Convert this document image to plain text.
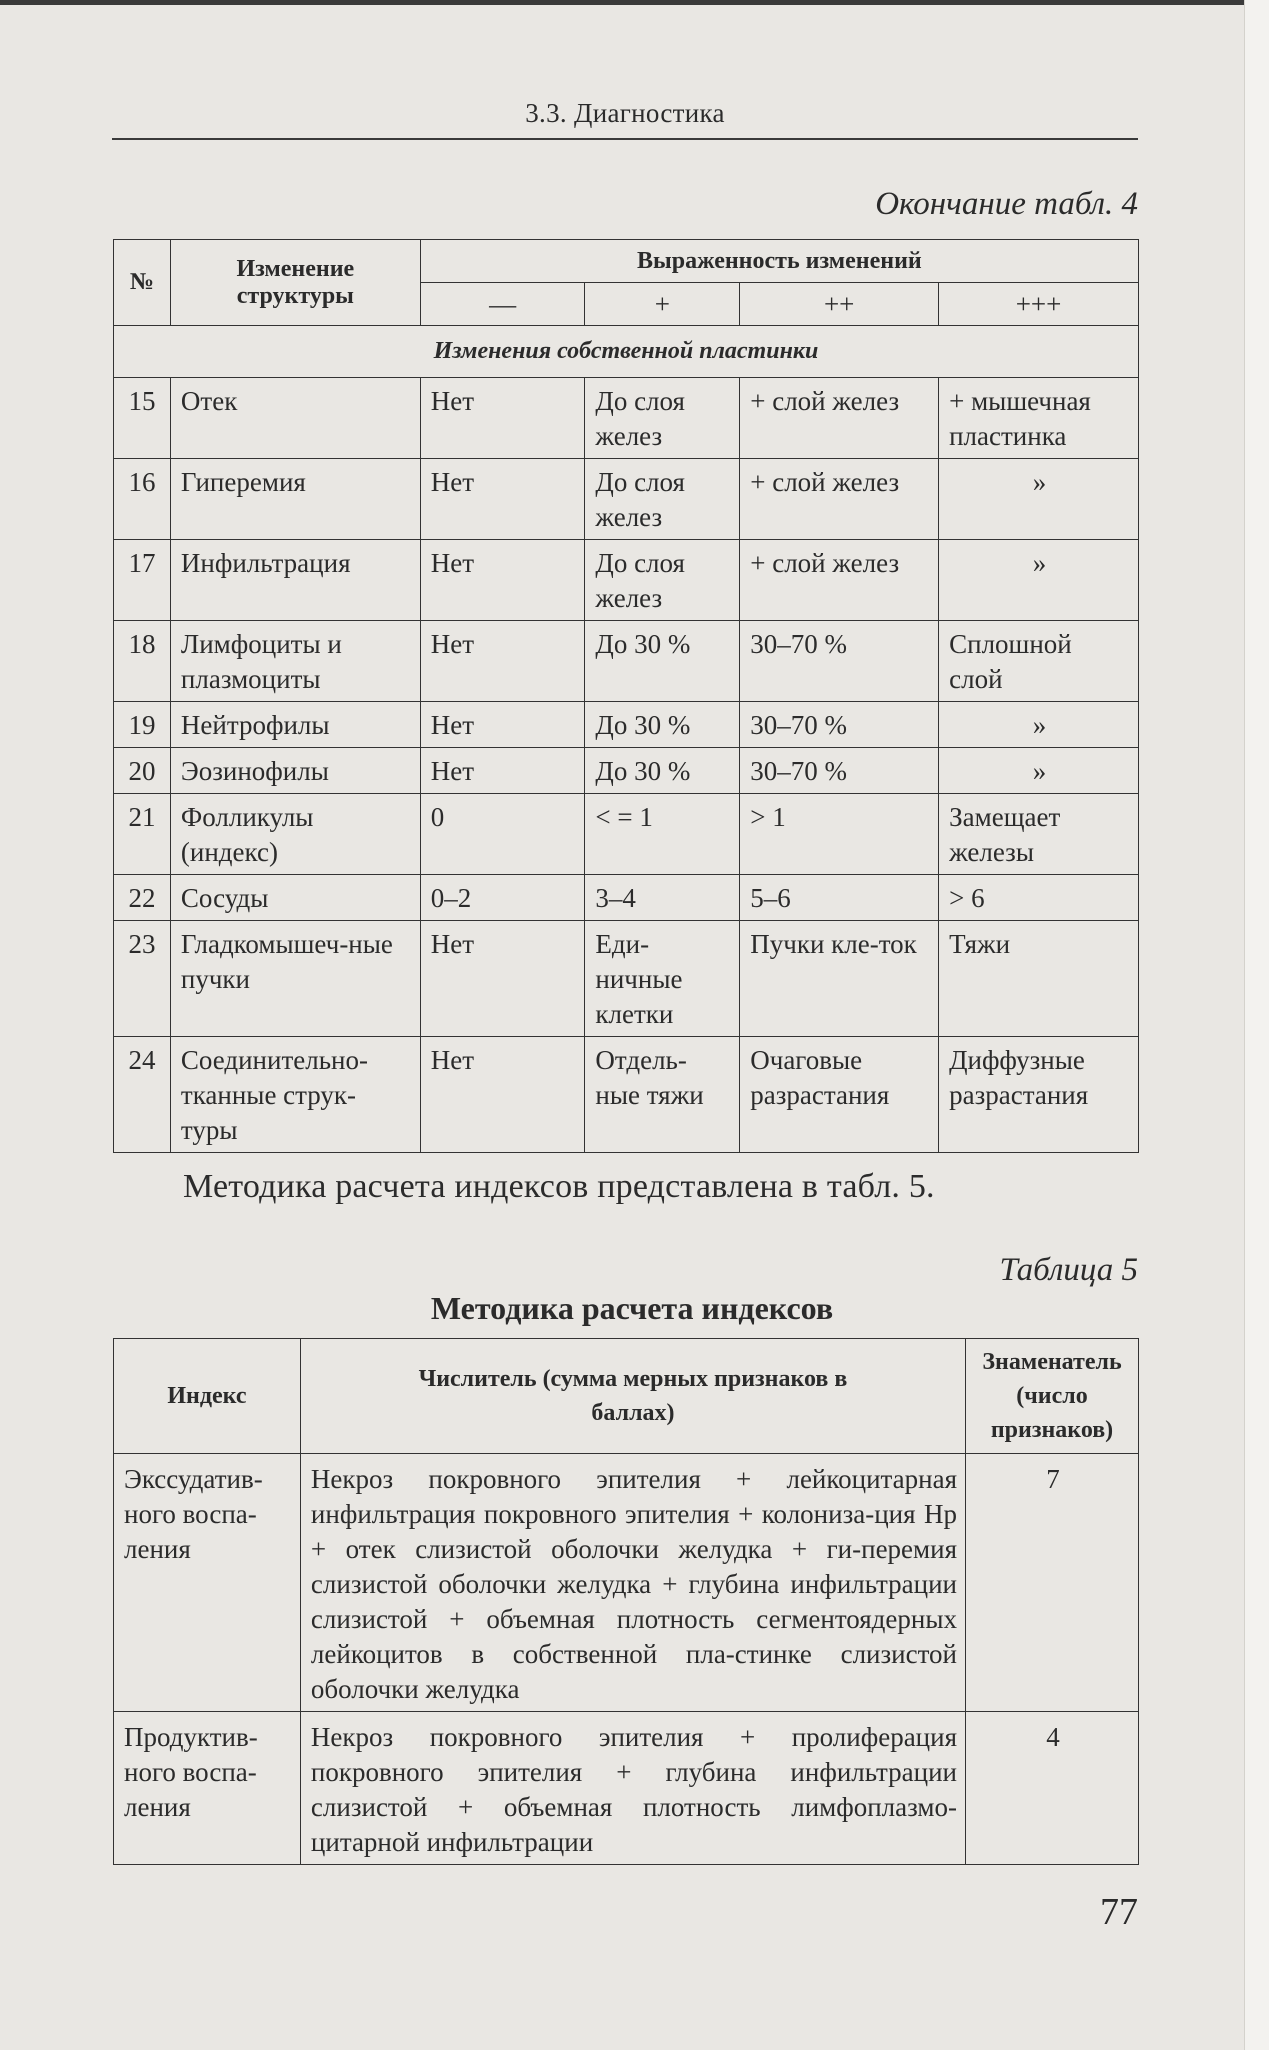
3.3. Диагностика
Окончание табл. 4
№	Изменение структуры	Выраженность изменений			
		—	+	++	+++
Изменения собственной пластинки					
15	Отек	Нет	До слоя желез	+ слой желез	+ мышечная пластинка
16	Гиперемия	Нет	До слоя желез	+ слой желез	»
17	Инфильтрация	Нет	До слоя желез	+ слой желез	»
18	Лимфоциты и плазмоциты	Нет	До 30 %	30–70 %	Сплошной слой
19	Нейтрофилы	Нет	До 30 %	30–70 %	»
20	Эозинофилы	Нет	До 30 %	30–70 %	»
21	Фолликулы (индекс)	0	< = 1	> 1	Замещает железы
22	Сосуды	0–2	3–4	5–6	> 6
23	Гладкомышеч-ные пучки	Нет	Еди-ничные клетки	Пучки кле-ток	Тяжи
24	Соединительно-тканные струк-туры	Нет	Отдель-ные тяжи	Очаговые разрастания	Диффузные разрастания
Методика расчета индексов представлена в табл. 5.
Таблица 5
Методика расчета индексов
Индекс	Числитель (сумма мерных признаков в баллах)	Знаменатель (число признаков)
Экссудатив-ного воспа-ления	Некроз покровного эпителия + лейкоцитарная инфильтрация покровного эпителия + колониза-ция Hp + отек слизистой оболочки желудка + ги-перемия слизистой оболочки желудка + глубина инфильтрации слизистой + объемная плотность сегментоядерных лейкоцитов в собственной пла-стинке слизистой оболочки желудка	7
Продуктив-ного воспа-ления	Некроз покровного эпителия + пролиферация покровного эпителия + глубина инфильтрации слизистой + объемная плотность лимфоплазмо-цитарной инфильтрации	4
77
